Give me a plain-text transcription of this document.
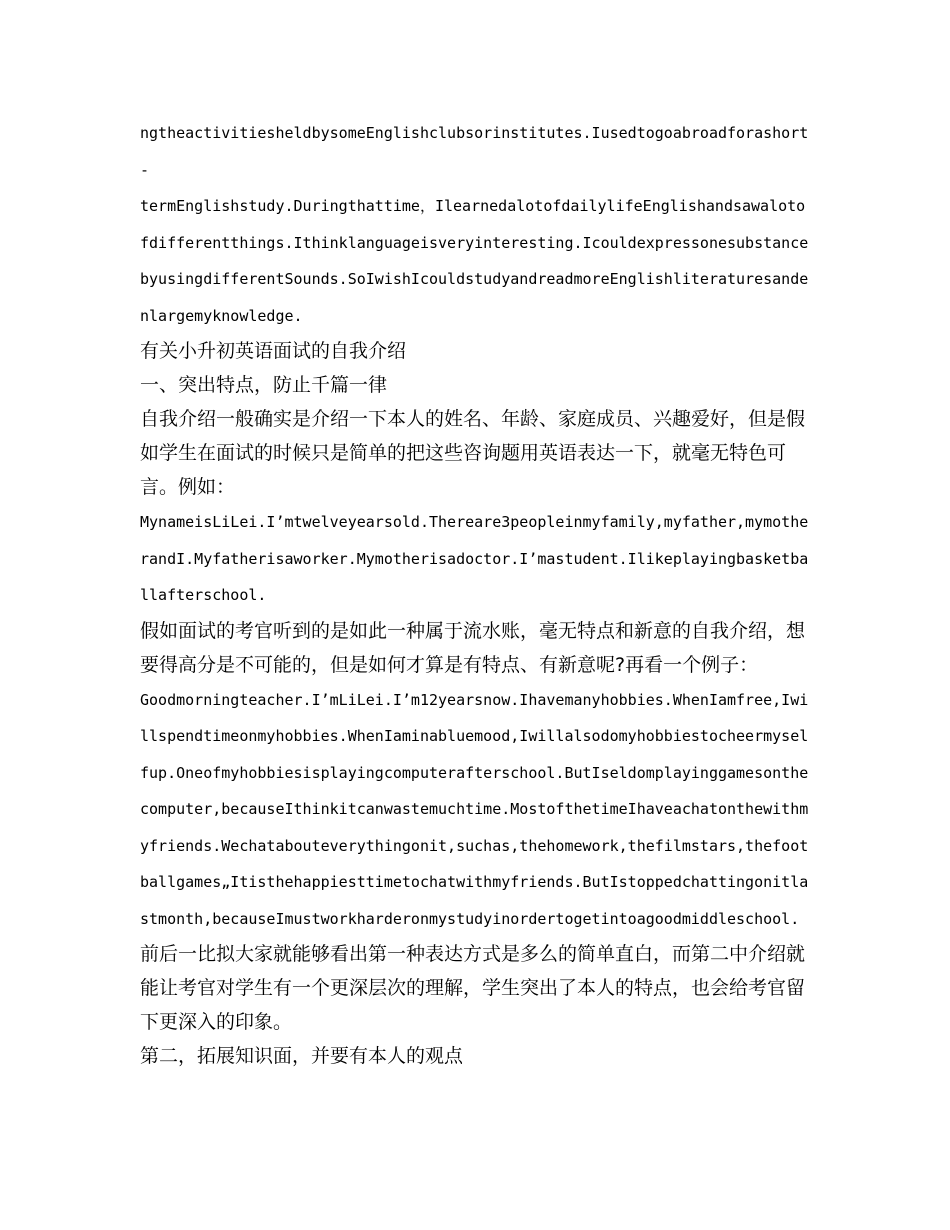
ngtheactivitiesheldbysomeEnglishclubsorinstitutes.Iusedtogoabroadforashort-
termEnglishstudy.Duringthattime，IlearnedalotofdailylifeEnglishandsawalotofdifferentthings.Ithinklanguageisveryinteresting.IcouldexpressonesubstancebyusingdifferentSounds.SoIwishIcouldstudyandreadmoreEnglishliteraturesandenlargemyknowledge.

有关小升初英语面试的自我介绍

一、突出特点，防止千篇一律

自我介绍一般确实是介绍一下本人的姓名、年龄、家庭成员、兴趣爱好，但是假如学生在面试的时候只是简单的把这些咨询题用英语表达一下，就毫无特色可言。例如：

MynameisLiLei.I’mtwelveyearsold.Thereare3peopleinmyfamily,myfather,mymotherandI.Myfatherisaworker.Mymotherisadoctor.I’mastudent.Ilikeplayingbasketballafterschool.

假如面试的考官听到的是如此一种属于流水账，毫无特点和新意的自我介绍，想要得高分是不可能的，但是如何才算是有特点、有新意呢?再看一个例子：

Goodmorningteacher.I’mLiLei.I’m12yearsnow.Ihavemanyhobbies.WhenIamfree,Iwillspendtimeonmyhobbies.WhenIaminabluemood,Iwillalsodomyhobbiestocheermyselfup.Oneofmyhobbiesisplayingcomputerafterschool.ButIseldomplayinggamesonthecomputer,becauseIthinkitcanwastemuchtime.MostofthetimeIhaveachatonthewithmyfriends.Wechatabouteverythingonit,suchas,thehomework,thefilmstars,thefootballgames„Itisthehappiesttimetochatwithmyfriends.ButIstoppedchattingonitlastmonth,becauseImustworkharderonmystudyinordertogetintoagoodmiddleschool.

前后一比拟大家就能够看出第一种表达方式是多么的简单直白，而第二中介绍就能让考官对学生有一个更深层次的理解，学生突出了本人的特点，也会给考官留下更深入的印象。

第二，拓展知识面，并要有本人的观点
